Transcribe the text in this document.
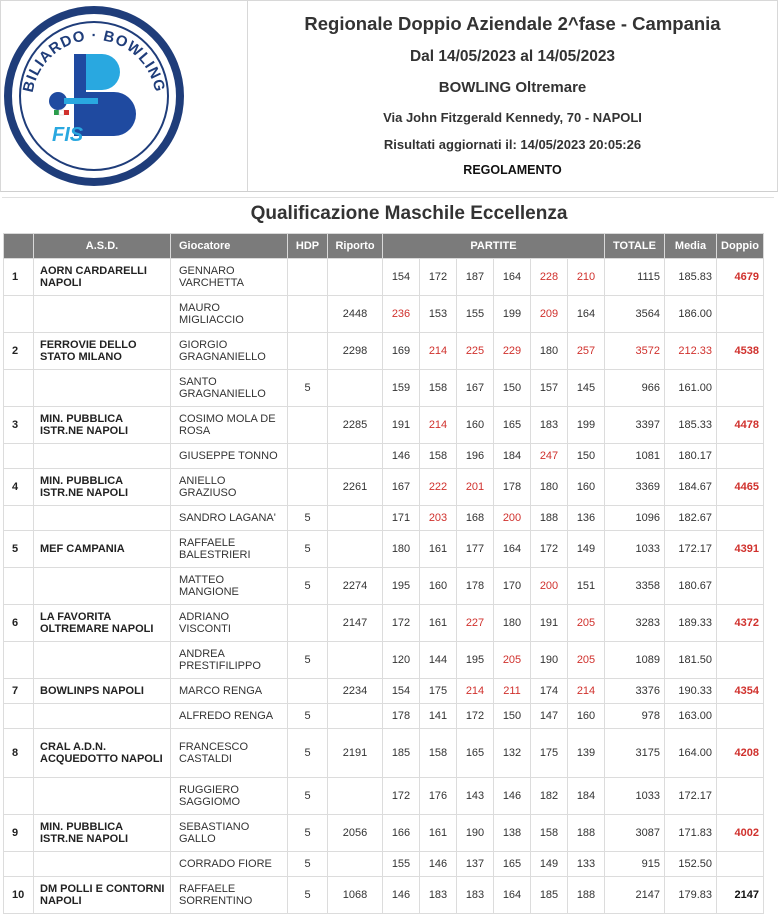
BILIARDO · BOWLING
FIS
Regionale Doppio Aziendale 2^fase - Campania
Dal 14/05/2023 al 14/05/2023
BOWLING Oltremare
Via John Fitzgerald Kennedy, 70 - NAPOLI
Risultati aggiornati il: 14/05/2023 20:05:26
REGOLAMENTO
Qualificazione Maschile Eccellenza
	A.S.D.	Giocatore	HDP	Riporto	PARTITE						TOTALE	Media	Doppio
1	AORN CARDARELLI NAPOLI	GENNARO VARCHETTA			154	172	187	164	228	210	1115	185.83	4679
		MAURO MIGLIACCIO		2448	236	153	155	199	209	164	3564	186.00	
2	FERROVIE DELLO STATO MILANO	GIORGIO GRAGNANIELLO		2298	169	214	225	229	180	257	3572	212.33	4538
		SANTO GRAGNANIELLO	5		159	158	167	150	157	145	966	161.00	
3	MIN. PUBBLICA ISTR.NE NAPOLI	COSIMO MOLA DE ROSA		2285	191	214	160	165	183	199	3397	185.33	4478
		GIUSEPPE TONNO			146	158	196	184	247	150	1081	180.17	
4	MIN. PUBBLICA ISTR.NE NAPOLI	ANIELLO GRAZIUSO		2261	167	222	201	178	180	160	3369	184.67	4465
		SANDRO LAGANA'	5		171	203	168	200	188	136	1096	182.67	
5	MEF CAMPANIA	RAFFAELE BALESTRIERI	5		180	161	177	164	172	149	1033	172.17	4391
		MATTEO MANGIONE	5	2274	195	160	178	170	200	151	3358	180.67	
6	LA FAVORITA OLTREMARE NAPOLI	ADRIANO VISCONTI		2147	172	161	227	180	191	205	3283	189.33	4372
		ANDREA PRESTIFILIPPO	5		120	144	195	205	190	205	1089	181.50	
7	BOWLINPS NAPOLI	MARCO RENGA		2234	154	175	214	211	174	214	3376	190.33	4354
		ALFREDO RENGA	5		178	141	172	150	147	160	978	163.00	
8	CRAL A.D.N. ACQUEDOTTO NAPOLI	FRANCESCO CASTALDI	5	2191	185	158	165	132	175	139	3175	164.00	4208
		RUGGIERO SAGGIOMO	5		172	176	143	146	182	184	1033	172.17	
9	MIN. PUBBLICA ISTR.NE NAPOLI	SEBASTIANO GALLO	5	2056	166	161	190	138	158	188	3087	171.83	4002
		CORRADO FIORE	5		155	146	137	165	149	133	915	152.50	
10	DM POLLI E CONTORNI NAPOLI	RAFFAELE SORRENTINO	5	1068	146	183	183	164	185	188	2147	179.83	2147
